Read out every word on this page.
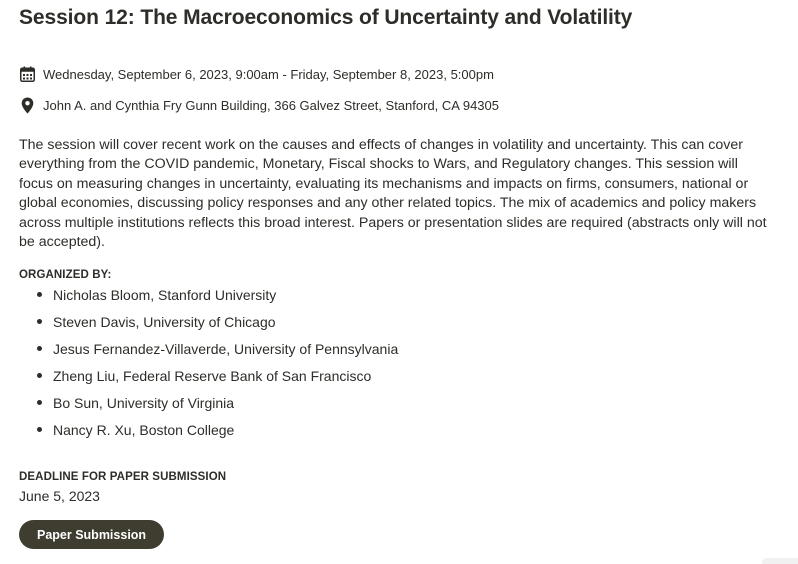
Session 12: The Macroeconomics of Uncertainty and Volatility
Wednesday, September 6, 2023, 9:00am - Friday, September 8, 2023, 5:00pm
John A. and Cynthia Fry Gunn Building, 366 Galvez Street, Stanford, CA 94305

The session will cover recent work on the causes and effects of changes in volatility and uncertainty. This can cover everything from the COVID pandemic, Monetary, Fiscal shocks to Wars, and Regulatory changes. This session will focus on measuring changes in uncertainty, evaluating its mechanisms and impacts on firms, consumers, national or global economies, discussing policy responses and any other related topics. The mix of academics and policy makers across multiple institutions reflects this broad interest. Papers or presentation slides are required (abstracts only will not be accepted).

ORGANIZED BY:
Nicholas Bloom, Stanford University
Steven Davis, University of Chicago
Jesus Fernandez-Villaverde, University of Pennsylvania
Zheng Liu, Federal Reserve Bank of San Francisco
Bo Sun, University of Virginia
Nancy R. Xu, Boston College
DEADLINE FOR PAPER SUBMISSION

June 5, 2023

Paper Submission
